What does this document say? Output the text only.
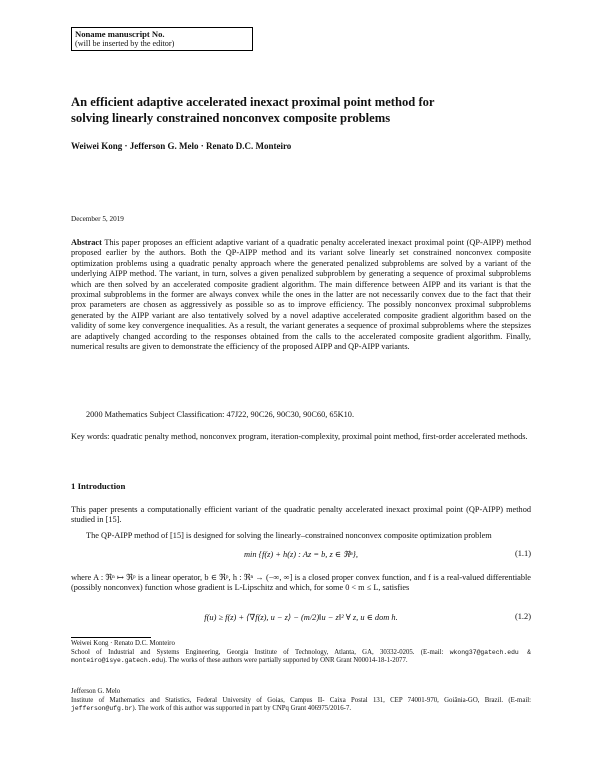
Noname manuscript No.
(will be inserted by the editor)
An efficient adaptive accelerated inexact proximal point method for
solving linearly constrained nonconvex composite problems
Weiwei Kong · Jefferson G. Melo · Renato D.C. Monteiro
December 5, 2019
Abstract This paper proposes an efficient adaptive variant of a quadratic penalty accelerated inexact proximal point (QP-AIPP) method proposed earlier by the authors. Both the QP-AIPP method and its variant solve linearly set constrained nonconvex composite optimization problems using a quadratic penalty approach where the generated penalized subproblems are solved by a variant of the underlying AIPP method. The variant, in turn, solves a given penalized subproblem by generating a sequence of proximal subproblems which are then solved by an accelerated composite gradient algorithm. The main difference between AIPP and its variant is that the proximal subproblems in the former are always convex while the ones in the latter are not necessarily convex due to the fact that their prox parameters are chosen as aggressively as possible so as to improve efficiency. The possibly nonconvex proximal subproblems generated by the AIPP variant are also tentatively solved by a novel adaptive accelerated composite gradient algorithm based on the validity of some key convergence inequalities. As a result, the variant generates a sequence of proximal subproblems where the stepsizes are adaptively changed according to the responses obtained from the calls to the accelerated composite gradient algorithm. Finally, numerical results are given to demonstrate the efficiency of the proposed AIPP and QP-AIPP variants.
2000 Mathematics Subject Classification: 47J22, 90C26, 90C30, 90C60, 65K10.
Key words: quadratic penalty method, nonconvex program, iteration-complexity, proximal point method, first-order accelerated methods.
1 Introduction
This paper presents a computationally efficient variant of the quadratic penalty accelerated inexact proximal point (QP-AIPP) method studied in [15].
The QP-AIPP method of [15] is designed for solving the linearly–constrained nonconvex composite optimization problem
min {f(z) + h(z) : Az = b, z ∈ ℜⁿ},	(1.1)
where A : ℜⁿ ↦ ℜᵖ is a linear operator, b ∈ ℜᵖ, h : ℜⁿ → (−∞, ∞] is a closed proper convex function, and f is a real-valued differentiable (possibly nonconvex) function whose gradient is L-Lipschitz and which, for some 0 < m ≤ L, satisfies
f(u) ≥ f(z) + ⟨∇f(z), u − z⟩ − (m/2)‖u − z‖² ∀ z, u ∈ dom h.	(1.2)
Weiwei Kong · Renato D.C. Monteiro
School of Industrial and Systems Engineering, Georgia Institute of Technology, Atlanta, GA, 30332-0205. (E-mail: wkong37@gatech.edu & monteiro@isye.gatech.edu). The works of these authors were partially supported by ONR Grant N00014-18-1-2077.
Jefferson G. Melo
Institute of Mathematics and Statistics, Federal University of Goias, Campus II- Caixa Postal 131, CEP 74001-970, Goiânia-GO, Brazil. (E-mail: jefferson@ufg.br). The work of this author was supported in part by CNPq Grant 406975/2016-7.
